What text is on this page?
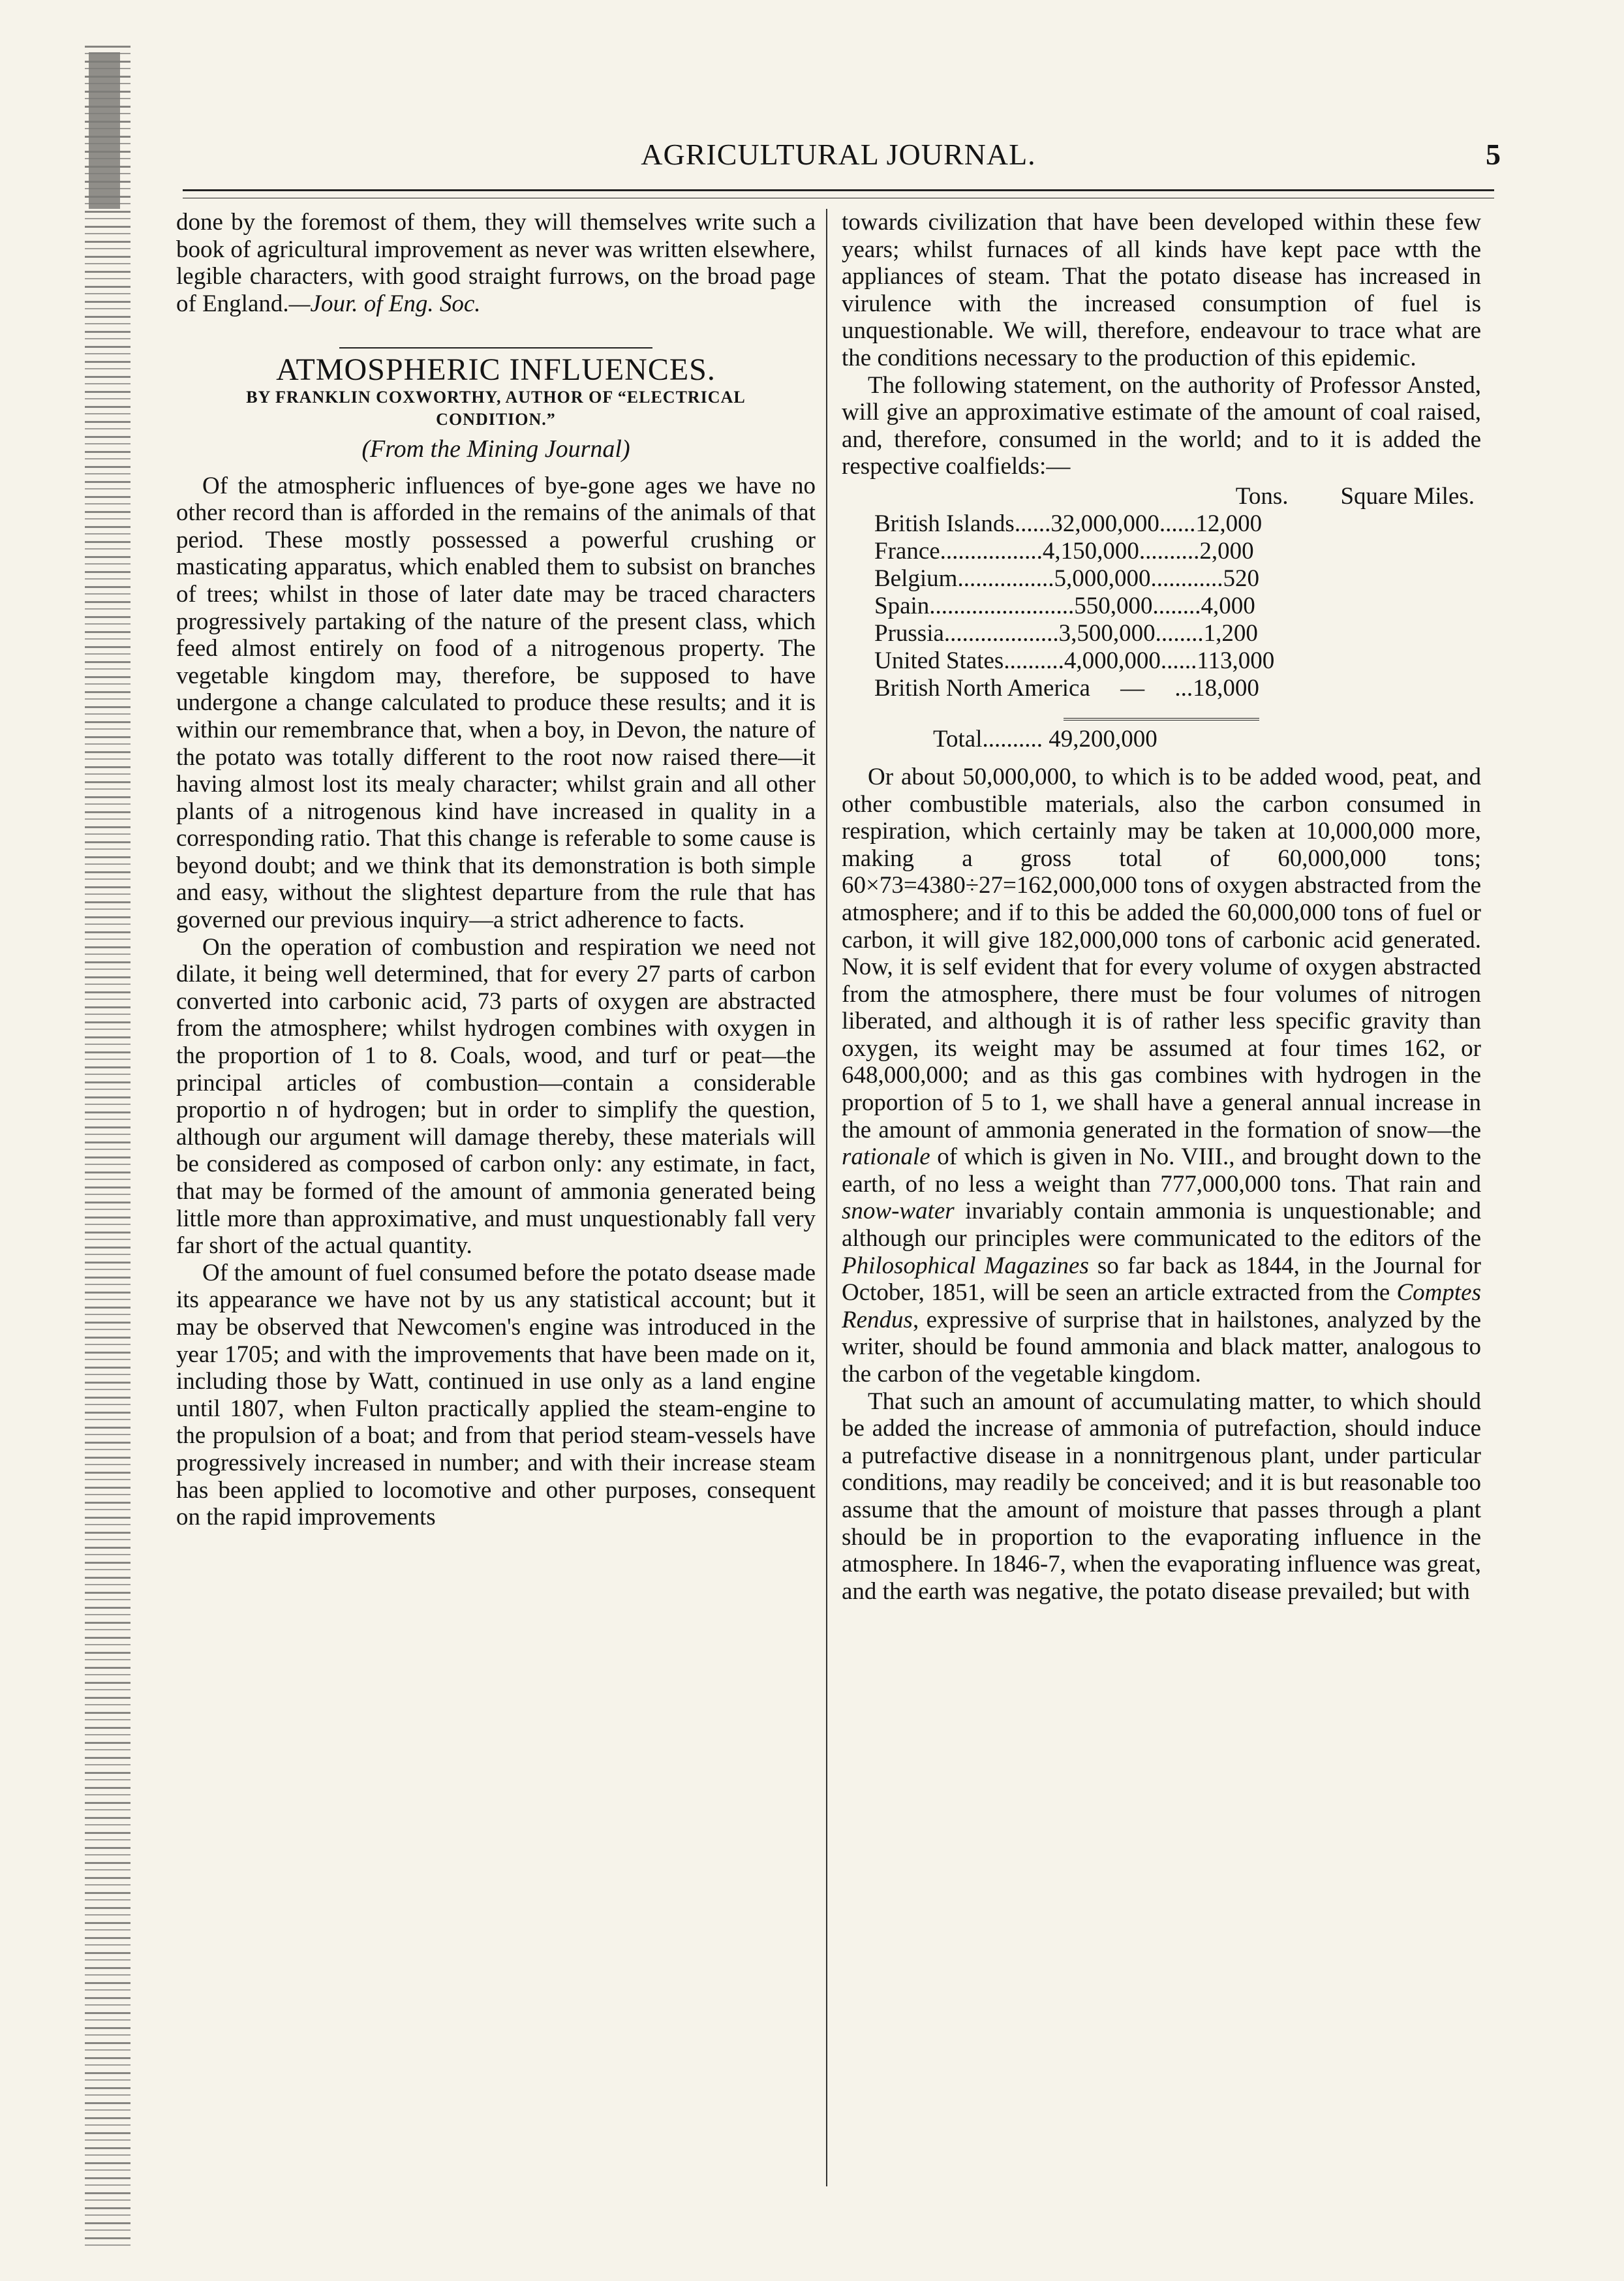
AGRICULTURAL JOURNAL.	5

done by the foremost of them, they will themselves write such a book of agricultural improvement as never was written elsewhere, legible characters, with good straight furrows, on the broad page of England.—Jour. of Eng. Soc.

ATMOSPHERIC INFLUENCES.
BY FRANKLIN COXWORTHY, AUTHOR OF “ELECTRICAL CONDITION.”
(From the Mining Journal)

Of the atmospheric influences of bye-gone ages we have no other record than is afforded in the remains of the animals of that period. These mostly possessed a powerful crushing or masticating apparatus, which enabled them to subsist on branches of trees; whilst in those of later date may be traced characters progressively partaking of the nature of the present class, which feed almost entirely on food of a nitrogenous property. The vegetable kingdom may, therefore, be supposed to have undergone a change calculated to produce these results; and it is within our remembrance that, when a boy, in Devon, the nature of the potato was totally different to the root now raised there—it having almost lost its mealy character; whilst grain and all other plants of a nitrogenous kind have increased in quality in a corresponding ratio. That this change is referable to some cause is beyond doubt; and we think that its demonstration is both simple and easy, without the slightest departure from the rule that has governed our previous inquiry—a strict adherence to facts.

On the operation of combustion and respiration we need not dilate, it being well determined, that for every 27 parts of carbon converted into carbonic acid, 73 parts of oxygen are abstracted from the atmosphere; whilst hydrogen combines with oxygen in the proportion of 1 to 8. Coals, wood, and turf or peat—the principal articles of combustion—contain a considerable proportio n of hydrogen; but in order to simplify the question, although our argument will damage thereby, these materials will be considered as composed of carbon only: any estimate, in fact, that may be formed of the amount of ammonia generated being little more than approximative, and must unquestionably fall very far short of the actual quantity.

Of the amount of fuel consumed before the potato dsease made its appearance we have not by us any statistical account; but it may be observed that Newcomen's engine was introduced in the year 1705; and with the improvements that have been made on it, including those by Watt, continued in use only as a land engine until 1807, when Fulton practically applied the steam-engine to the propulsion of a boat; and from that period steam-vessels have progressively increased in number; and with their increase steam has been applied to locomotive and other purposes, consequent on the rapid improvements

towards civilization that have been developed within these few years; whilst furnaces of all kinds have kept pace wtth the appliances of steam. That the potato disease has increased in virulence with the increased consumption of fuel is unquestionable. We will, therefore, endeavour to trace what are the conditions necessary to the production of this epidemic.

The following statement, on the authority of Professor Ansted, will give an approximative estimate of the amount of coal raised, and, therefore, consumed in the world; and to it is added the respective coalfields:—

Tons. Square Miles.
British Islands ...... 32,000,000 ...... 12,000
France ................. 4,150,000 .......... 2,000
Belgium ................ 5,000,000 ............ 520
Spain ........................ 550,000 ........ 4,000
Prussia ................... 3,500,000 ........ 1,200
United States .......... 4,000,000 ...... 113,000
British North America
— ... 18,000
Total.......... 49,200,000

Or about 50,000,000, to which is to be added wood, peat, and other combustible materials, also the carbon consumed in respiration, which certainly may be taken at 10,000,000 more, making a gross total of 60,000,000 tons; 60×73=4380÷27=162,000,000 tons of oxygen abstracted from the atmosphere; and if to this be added the 60,000,000 tons of fuel or carbon, it will give 182,000,000 tons of carbonic acid generated. Now, it is self evident that for every volume of oxygen abstracted from the atmosphere, there must be four volumes of nitrogen liberated, and although it is of rather less specific gravity than oxygen, its weight may be assumed at four times 162, or 648,000,000; and as this gas combines with hydrogen in the proportion of 5 to 1, we shall have a general annual increase in the amount of ammonia generated in the formation of snow—the rationale of which is given in No. VIII., and brought down to the earth, of no less a weight than 777,000,000 tons. That rain and snow-water invariably contain ammonia is unquestionable; and although our principles were communicated to the editors of the Philosophical Magazines so far back as 1844, in the Journal for October, 1851, will be seen an article extracted from the Comptes Rendus, expressive of surprise that in hailstones, analyzed by the writer, should be found ammonia and black matter, analogous to the carbon of the vegetable kingdom.

That such an amount of accumulating matter, to which should be added the increase of ammonia of putrefaction, should induce a putrefactive disease in a nonnitrgenous plant, under particular conditions, may readily be conceived; and it is but reasonable too assume that the amount of moisture that passes through a plant should be in proportion to the evaporating influence in the atmosphere. In 1846-7, when the evaporating influence was great, and the earth was negative, the potato disease prevailed; but with
